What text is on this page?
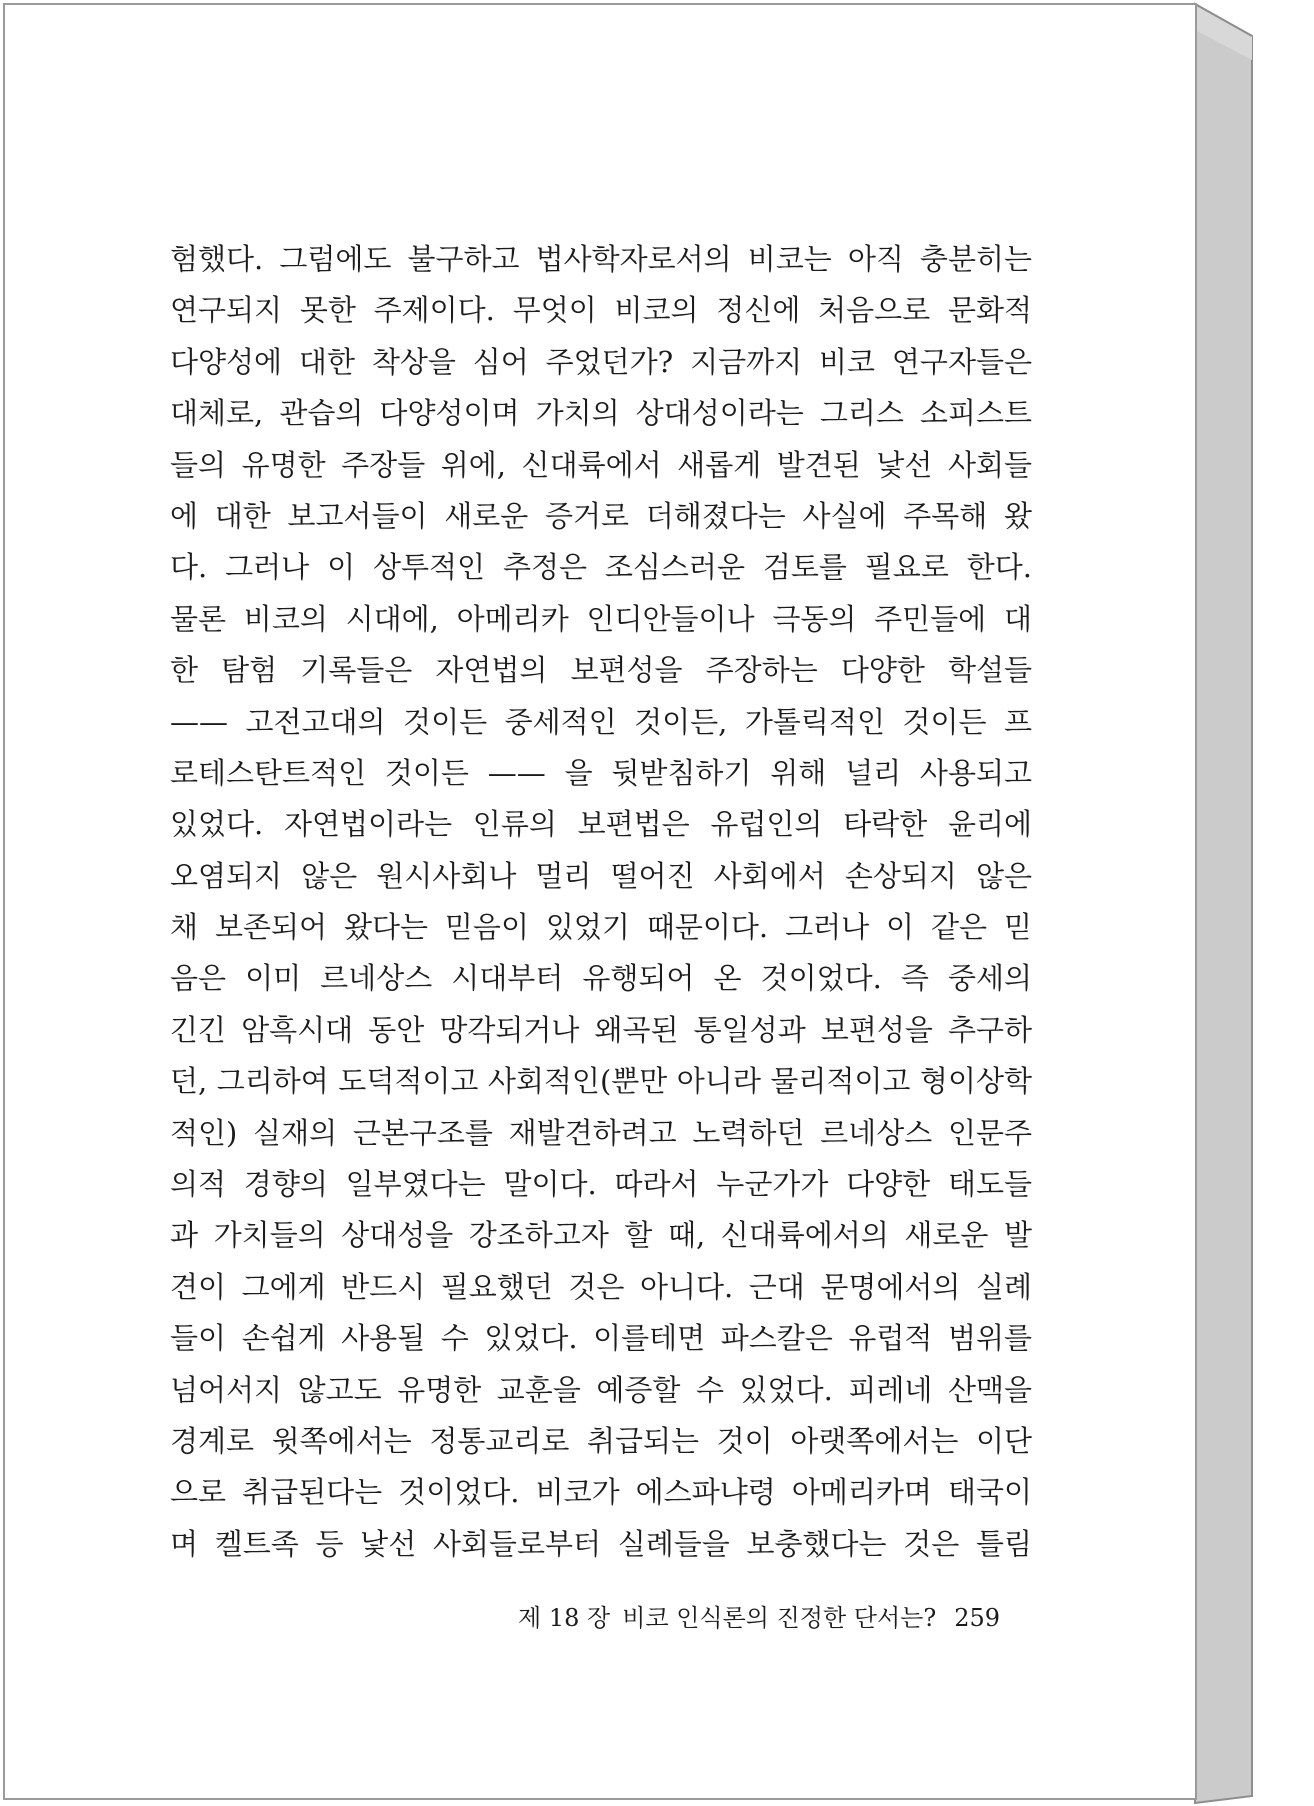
험했다. 그럼에도 불구하고 법사학자로서의 비코는 아직 충분히는
연구되지 못한 주제이다. 무엇이 비코의 정신에 처음으로 문화적
다양성에 대한 착상을 심어 주었던가? 지금까지 비코 연구자들은
대체로, 관습의 다양성이며 가치의 상대성이라는 그리스 소피스트
들의 유명한 주장들 위에, 신대륙에서 새롭게 발견된 낯선 사회들
에 대한 보고서들이 새로운 증거로 더해졌다는 사실에 주목해 왔
다. 그러나 이 상투적인 추정은 조심스러운 검토를 필요로 한다.
물론 비코의 시대에, 아메리카 인디안들이나 극동의 주민들에 대
한 탐험 기록들은 자연법의 보편성을 주장하는 다양한 학설들
—— 고전고대의 것이든 중세적인 것이든, 가톨릭적인 것이든 프
로테스탄트적인 것이든 —— 을 뒷받침하기 위해 널리 사용되고
있었다. 자연법이라는 인류의 보편법은 유럽인의 타락한 윤리에
오염되지 않은 원시사회나 멀리 떨어진 사회에서 손상되지 않은
채 보존되어 왔다는 믿음이 있었기 때문이다. 그러나 이 같은 믿
음은 이미 르네상스 시대부터 유행되어 온 것이었다. 즉 중세의
긴긴 암흑시대 동안 망각되거나 왜곡된 통일성과 보편성을 추구하
던, 그리하여 도덕적이고 사회적인(뿐만 아니라 물리적이고 형이상학
적인) 실재의 근본구조를 재발견하려고 노력하던 르네상스 인문주
의적 경향의 일부였다는 말이다. 따라서 누군가가 다양한 태도들
과 가치들의 상대성을 강조하고자 할 때, 신대륙에서의 새로운 발
견이 그에게 반드시 필요했던 것은 아니다. 근대 문명에서의 실례
들이 손쉽게 사용될 수 있었다. 이를테면 파스칼은 유럽적 범위를
넘어서지 않고도 유명한 교훈을 예증할 수 있었다. 피레네 산맥을
경계로 윗쪽에서는 정통교리로 취급되는 것이 아랫쪽에서는 이단
으로 취급된다는 것이었다. 비코가 에스파냐령 아메리카며 태국이
며 켈트족 등 낯선 사회들로부터 실례들을 보충했다는 것은 틀림
제 18 장 비코 인식론의 진정한 단서는? 259
